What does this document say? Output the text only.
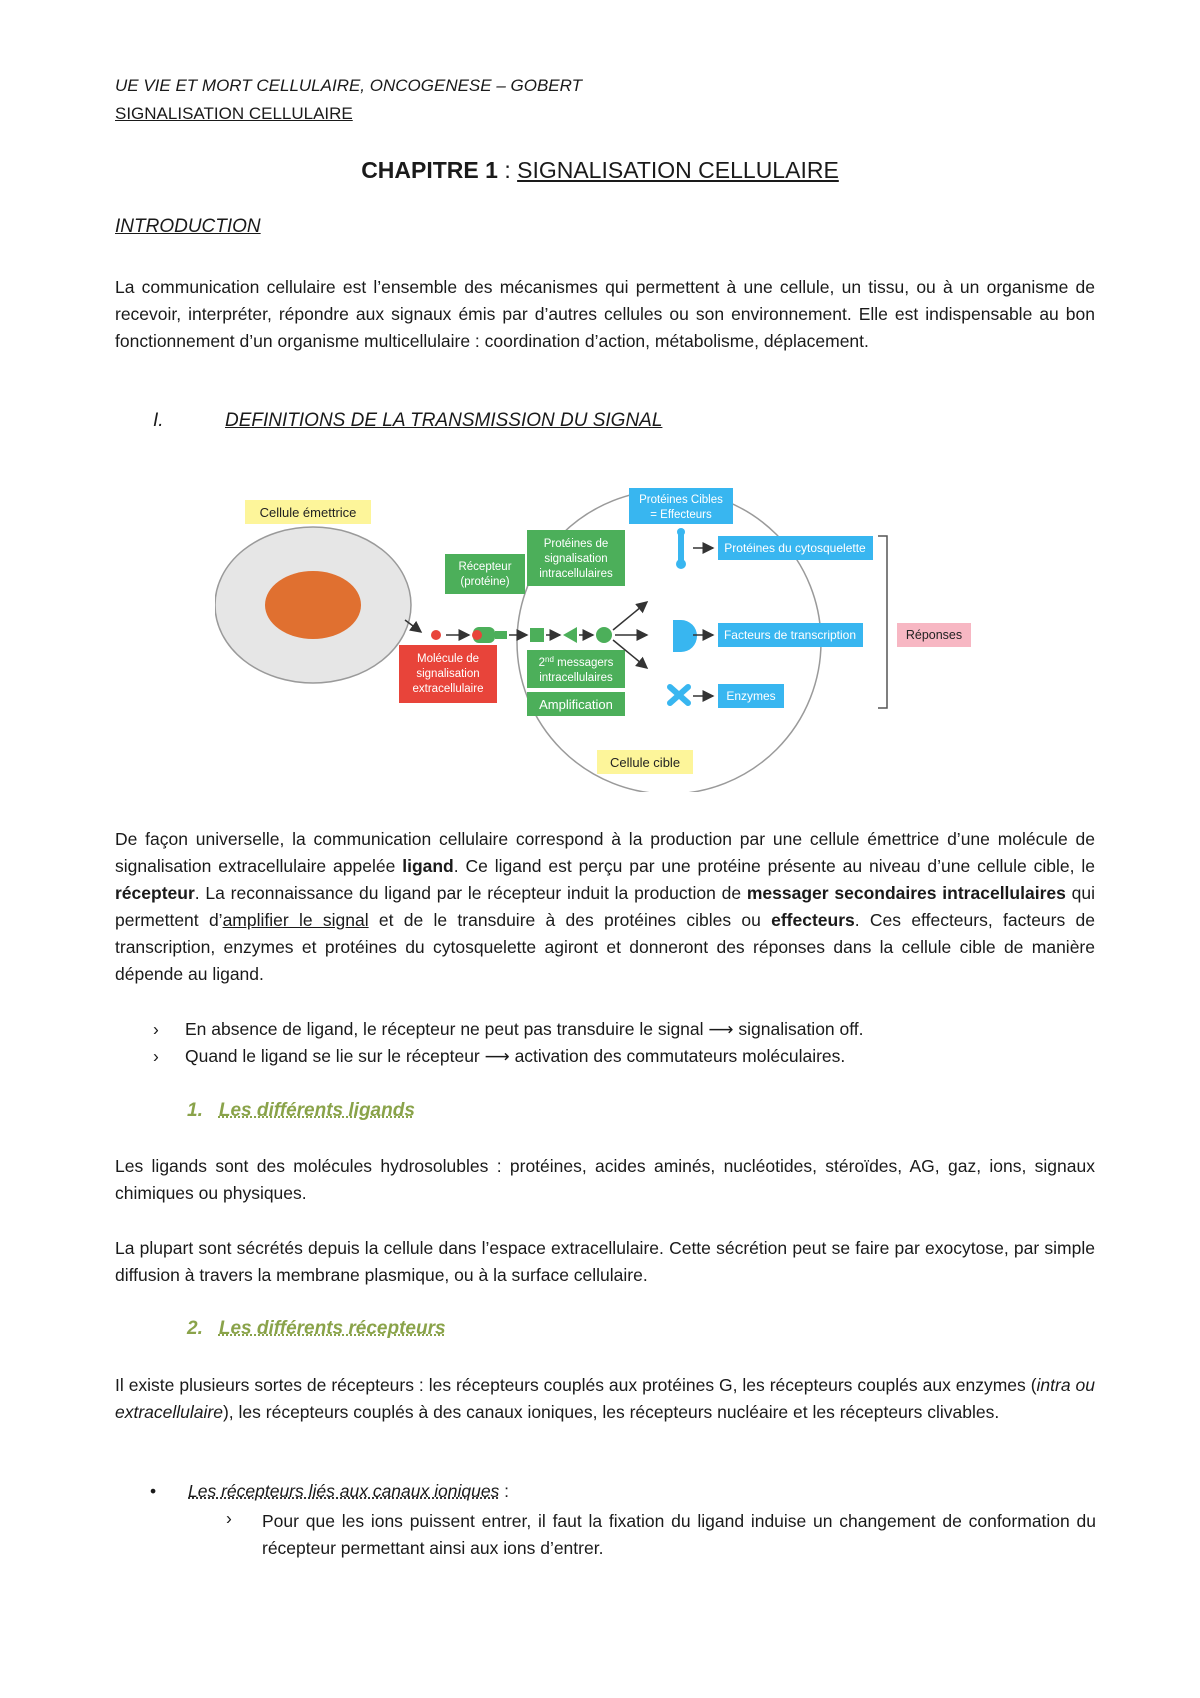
UE VIE ET MORT CELLULAIRE, ONCOGENESE – GOBERT
SIGNALISATION CELLULAIRE
CHAPITRE 1 : SIGNALISATION CELLULAIRE
INTRODUCTION
La communication cellulaire est l’ensemble des mécanismes qui permettent à une cellule, un tissu, ou à un organisme de recevoir, interpréter, répondre aux signaux émis par d’autres cellules ou son environnement. Elle est indispensable au bon fonctionnement d’un organisme multicellulaire : coordination d’action, métabolisme, déplacement.
I.	DEFINITIONS DE LA TRANSMISSION DU SIGNAL
Cellule émettrice
Cellule cible
Molécule de
signalisation
extracellulaire
Récepteur
(protéine)
Protéines de
signalisation
intracellulaires
2nd messagers
intracellulaires
Amplification
Protéines Cibles
= Effecteurs
Protéines du cytosquelette
Facteurs de transcription
Enzymes
Réponses
De façon universelle, la communication cellulaire correspond à la production par une cellule émettrice d’une molécule de signalisation extracellulaire appelée ligand. Ce ligand est perçu par une protéine présente au niveau d’une cellule cible, le récepteur. La reconnaissance du ligand par le récepteur induit la production de messager secondaires intracellulaires qui permettent d’amplifier le signal et de le transduire à des protéines cibles ou effecteurs. Ces effecteurs, facteurs de transcription, enzymes et protéines du cytosquelette agiront et donneront des réponses dans la cellule cible de manière dépende au ligand.
› En absence de ligand, le récepteur ne peut pas transduire le signal ⟶ signalisation off.
› Quand le ligand se lie sur le récepteur ⟶ activation des commutateurs moléculaires.
1. Les différents ligands
Les ligands sont des molécules hydrosolubles : protéines, acides aminés, nucléotides, stéroïdes, AG, gaz, ions, signaux chimiques ou physiques.
La plupart sont sécrétés depuis la cellule dans l’espace extracellulaire. Cette sécrétion peut se faire par exocytose, par simple diffusion à travers la membrane plasmique, ou à la surface cellulaire.
2. Les différents récepteurs
Il existe plusieurs sortes de récepteurs : les récepteurs couplés aux protéines G, les récepteurs couplés aux enzymes (intra ou extracellulaire), les récepteurs couplés à des canaux ioniques, les récepteurs nucléaire et les récepteurs clivables.
• Les récepteurs liés aux canaux ioniques :
› Pour que les ions puissent entrer, il faut la fixation du ligand induise un changement de conformation du récepteur permettant ainsi aux ions d’entrer.
